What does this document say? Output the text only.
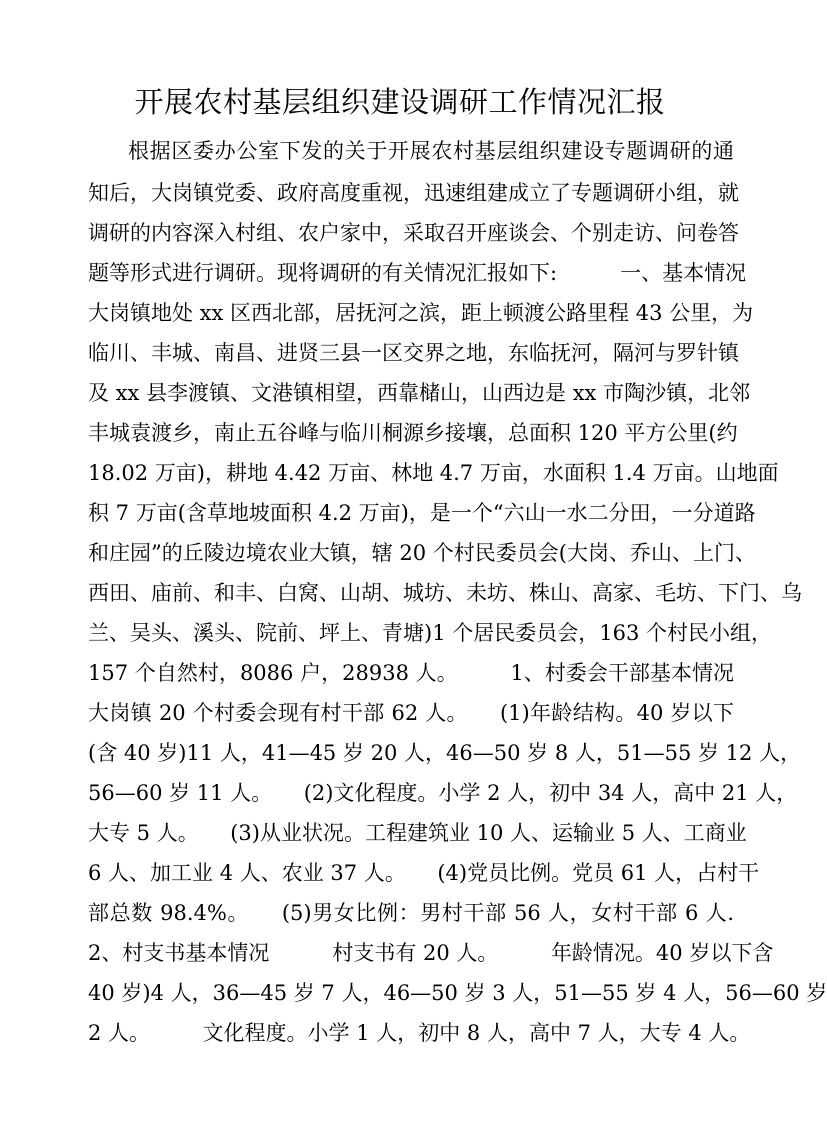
开展农村基层组织建设调研工作情况汇报
根据区委办公室下发的关于开展农村基层组织建设专题调研的通
知后，大岗镇党委、政府高度重视，迅速组建成立了专题调研小组，就
调研的内容深入村组、农户家中，采取召开座谈会、个别走访、问卷答
题等形式进行调研。现将调研的有关情况汇报如下:　　　一、基本情况
大岗镇地处 xx 区西北部，居抚河之滨，距上顿渡公路里程 43 公里，为
临川、丰城、南昌、进贤三县一区交界之地，东临抚河，隔河与罗针镇
及 xx 县李渡镇、文港镇相望，西靠槠山，山西边是 xx 市陶沙镇，北邻
丰城袁渡乡，南止五谷峰与临川桐源乡接壤，总面积 120 平方公里(约
18.02 万亩)，耕地 4.42 万亩、林地 4.7 万亩，水面积 1.4 万亩。山地面
积 7 万亩(含草地坡面积 4.2 万亩)，是一个“六山一水二分田，一分道路
和庄园”的丘陵边境农业大镇，辖 20 个村民委员会(大岗、乔山、上门、
西田、庙前、和丰、白窝、山胡、城坊、未坊、株山、高家、毛坊、下门、乌
兰、吴头、溪头、院前、坪上、青塘)1 个居民委员会，163 个村民小组，
157 个自然村，8086 户，28938 人。　　　1、村委会干部基本情况
大岗镇 20 个村委会现有村干部 62 人。　　(1)年龄结构。40 岁以下
(含 40 岁)11 人，41—45 岁 20 人，46—50 岁 8 人，51—55 岁 12 人，
56—60 岁 11 人。　　(2)文化程度。小学 2 人，初中 34 人，高中 21 人，
大专 5 人。　　(3)从业状况。工程建筑业 10 人、运输业 5 人、工商业
6 人、加工业 4 人、农业 37 人。　　(4)党员比例。党员 61 人，占村干
部总数 98.4%。　　(5)男女比例：男村干部 56 人，女村干部 6 人.
2、村支书基本情况　　　村支书有 20 人。　　　年龄情况。40 岁以下含
40 岁)4 人，36—45 岁 7 人，46—50 岁 3 人，51—55 岁 4 人，56—60 岁
2 人。　　　文化程度。小学 1 人，初中 8 人，高中 7 人，大专 4 人。
